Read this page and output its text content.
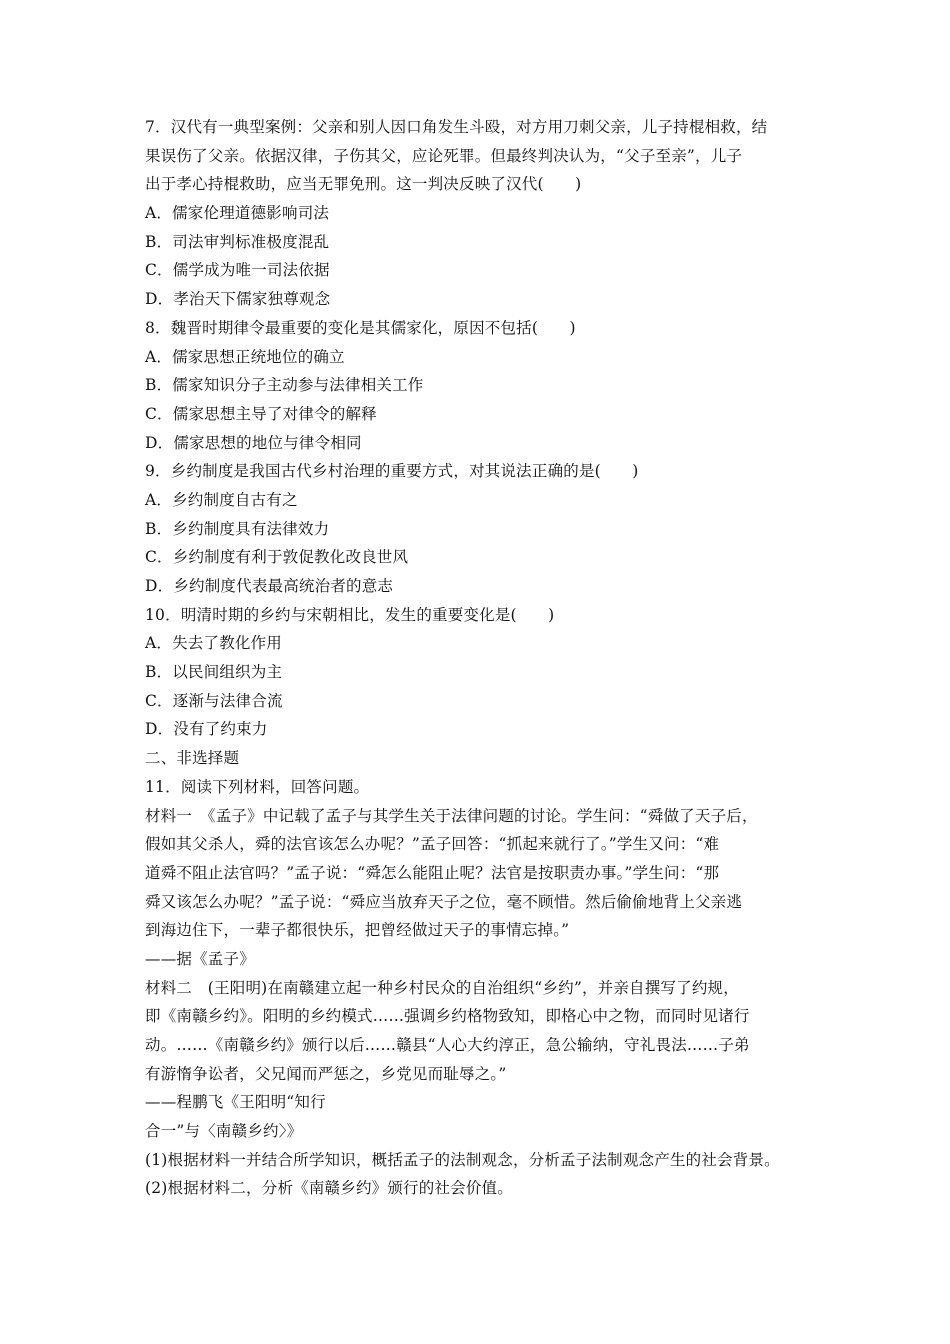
7．汉代有一典型案例：父亲和别人因口角发生斗殴，对方用刀刺父亲，儿子持棍相救，结
果误伤了父亲。依据汉律，子伤其父，应论死罪。但最终判决认为，“父子至亲”，儿子
出于孝心持棍救助，应当无罪免刑。这一判决反映了汉代(　　)
A．儒家伦理道德影响司法
B．司法审判标准极度混乱
C．儒学成为唯一司法依据
D．孝治天下儒家独尊观念
8．魏晋时期律令最重要的变化是其儒家化，原因不包括(　　)
A．儒家思想正统地位的确立
B．儒家知识分子主动参与法律相关工作
C．儒家思想主导了对律令的解释
D．儒家思想的地位与律令相同
9．乡约制度是我国古代乡村治理的重要方式，对其说法正确的是(　　)
A．乡约制度自古有之
B．乡约制度具有法律效力
C．乡约制度有利于敦促教化改良世风
D．乡约制度代表最高统治者的意志
10．明清时期的乡约与宋朝相比，发生的重要变化是(　　)
A．失去了教化作用
B．以民间组织为主
C．逐渐与法律合流
D．没有了约束力
二、非选择题
11．阅读下列材料，回答问题。
材料一　《孟子》中记载了孟子与其学生关于法律问题的讨论。学生问：“舜做了天子后，
假如其父杀人，舜的法官该怎么办呢？”孟子回答：“抓起来就行了。”学生又问：“难
道舜不阻止法官吗？”孟子说：“舜怎么能阻止呢？法官是按职责办事。”学生问：“那
舜又该怎么办呢？”孟子说：“舜应当放弃天子之位，毫不顾惜。然后偷偷地背上父亲逃
到海边住下，一辈子都很快乐，把曾经做过天子的事情忘掉。”
——据《孟子》
材料二　(王阳明)在南赣建立起一种乡村民众的自治组织“乡约”，并亲自撰写了约规，
即《南赣乡约》。阳明的乡约模式……强调乡约格物致知，即格心中之物，而同时见诸行
动。……《南赣乡约》颁行以后……赣县“人心大约淳正，急公输纳，守礼畏法……子弟
有游惰争讼者，父兄闻而严惩之，乡党见而耻辱之。”
——程鹏飞《王阳明“知行
合一”与〈南赣乡约〉》
(1)根据材料一并结合所学知识，概括孟子的法制观念，分析孟子法制观念产生的社会背景。
(2)根据材料二，分析《南赣乡约》颁行的社会价值。
